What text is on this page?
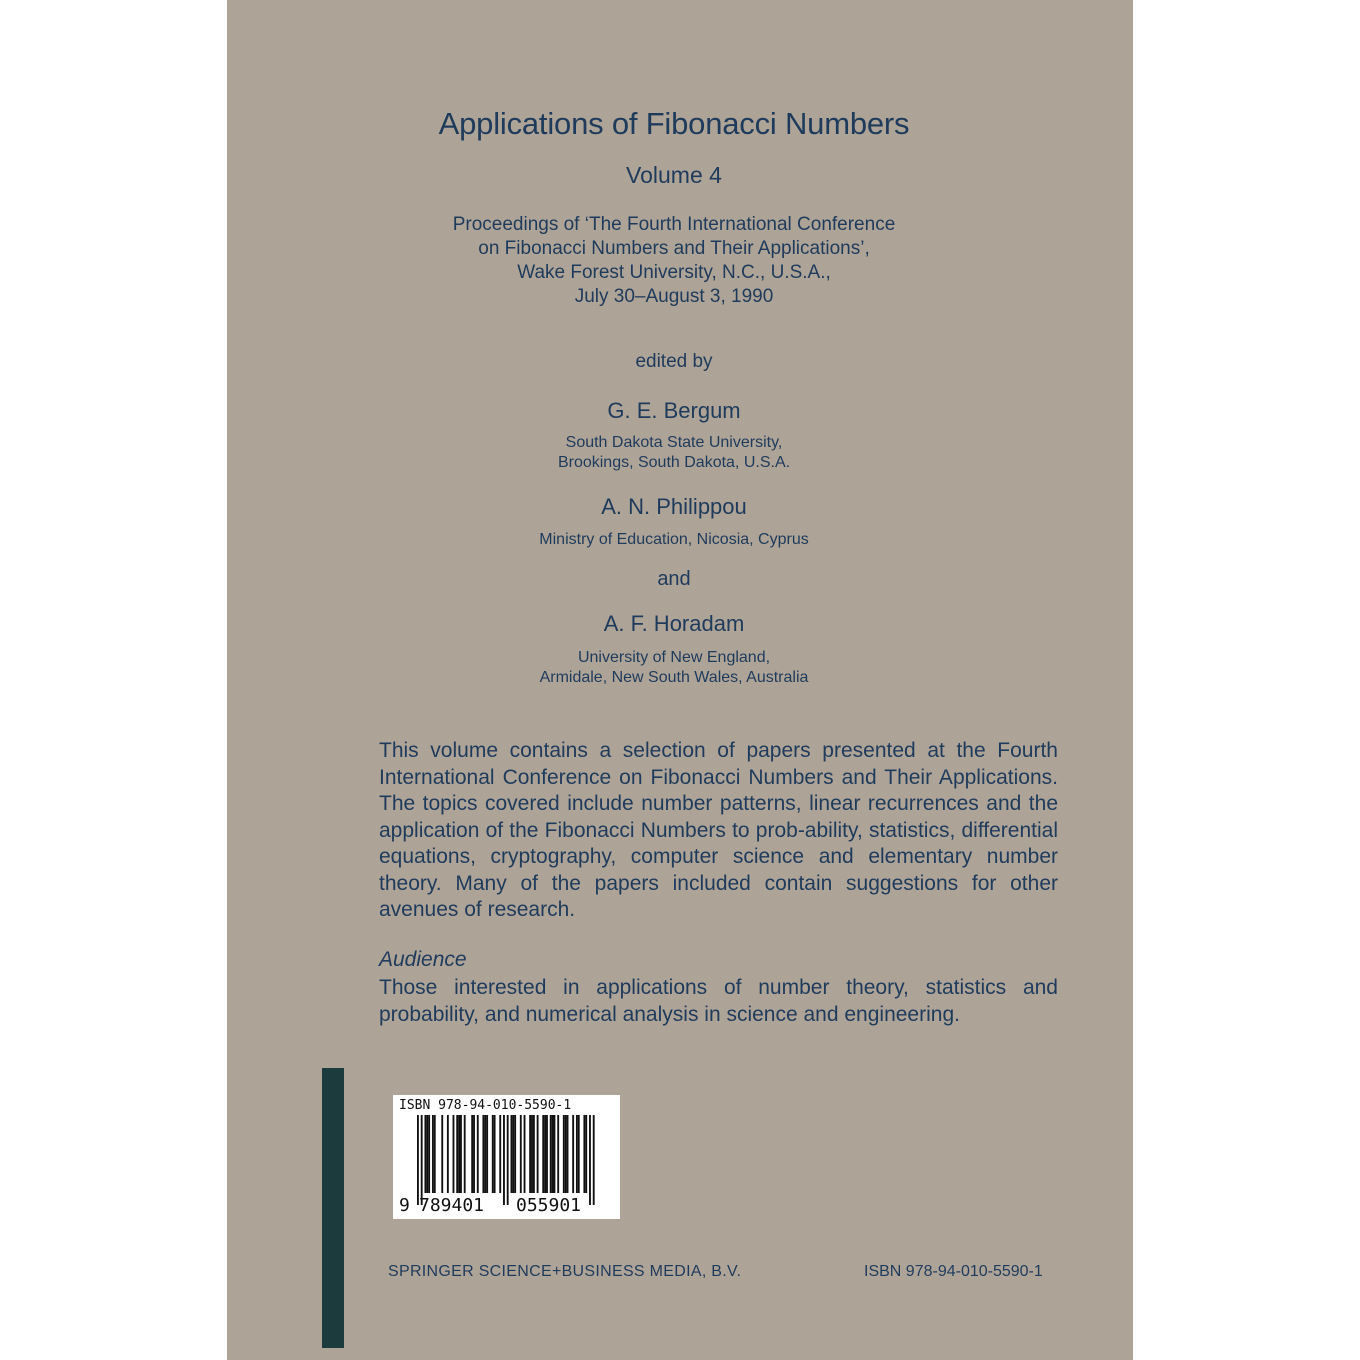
Applications of Fibonacci Numbers
Volume 4
Proceedings of ‘The Fourth International Conference
on Fibonacci Numbers and Their Applications’,
Wake Forest University, N.C., U.S.A.,
July 30–August 3, 1990
edited by
G. E. Bergum
South Dakota State University,
Brookings, South Dakota, U.S.A.
A. N. Philippou
Ministry of Education, Nicosia, Cyprus
and
A. F. Horadam
University of New England,
Armidale, New South Wales, Australia
This volume contains a selection of papers presented at the Fourth International Conference on Fibonacci Numbers and Their Applications. The topics covered include number patterns, linear recurrences and the application of the Fibonacci Numbers to prob-ability, statistics, differential equations, cryptography, computer science and elementary number theory. Many of the papers included contain suggestions for other avenues of research.
Audience
Those interested in applications of number theory, statistics and probability, and numerical analysis in science and engineering.
ISBN 978-94-010-5590-1
9 789401 055901
SPRINGER SCIENCE+BUSINESS MEDIA, B.V.	ISBN 978-94-010-5590-1
